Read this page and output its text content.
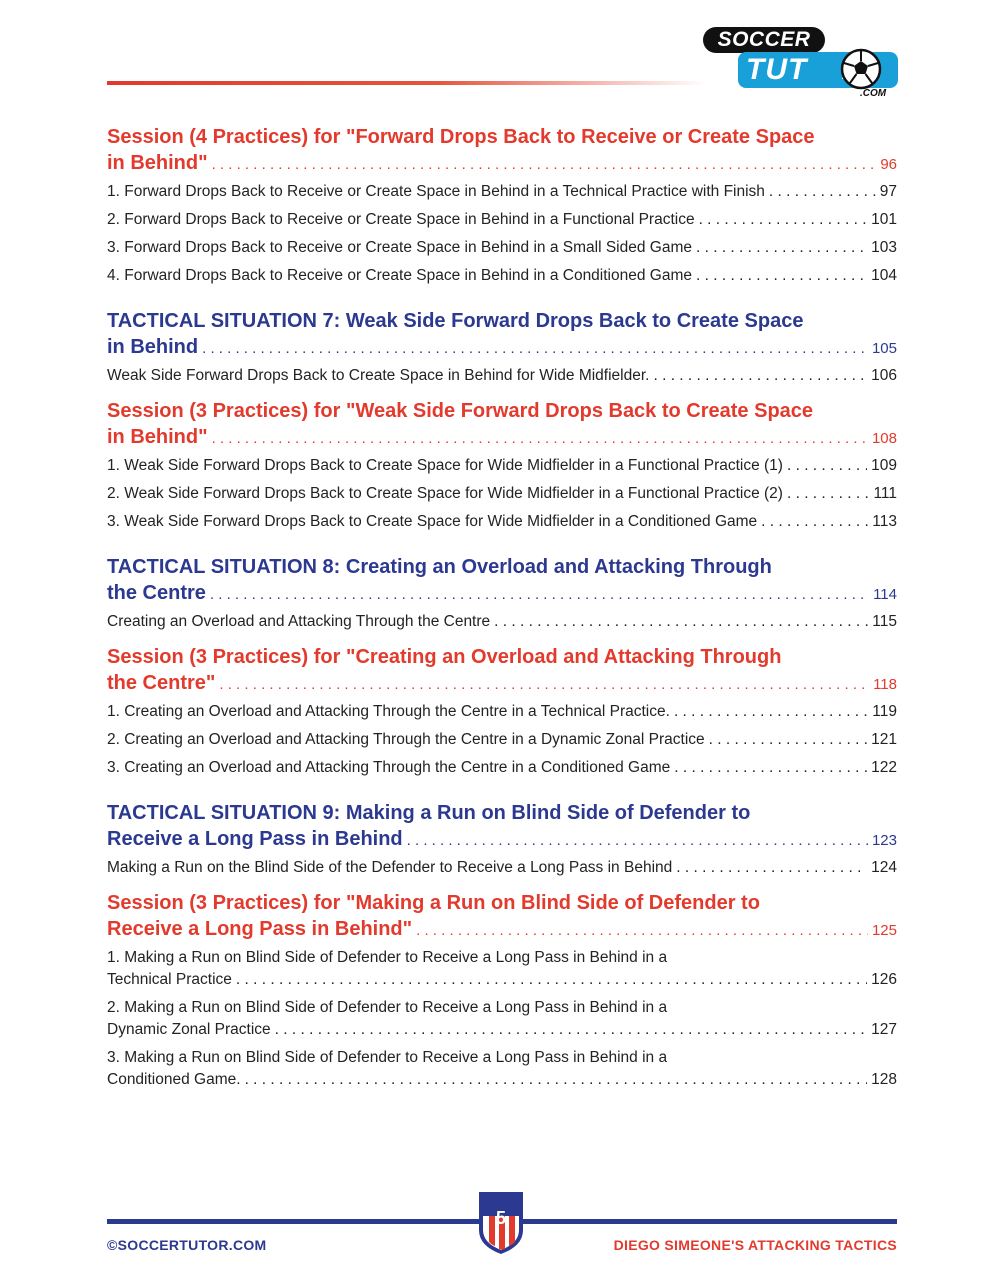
SOCCER
TUT
.COM
Session (4 Practices) for "Forward Drops Back to Receive or Create Space
in Behind" . . .	96
1. Forward Drops Back to Receive or Create Space in Behind in a Technical Practice with Finish . . .	97
2. Forward Drops Back to Receive or Create Space in Behind in a Functional Practice . . .	101
3. Forward Drops Back to Receive or Create Space in Behind in a Small Sided Game . . .	103
4. Forward Drops Back to Receive or Create Space in Behind in a Conditioned Game . . .	104
TACTICAL SITUATION 7: Weak Side Forward Drops Back to Create Space
in Behind . . .	105
Weak Side Forward Drops Back to Create Space in Behind for Wide Midfielder. . . .	106
Session (3 Practices) for "Weak Side Forward Drops Back to Create Space
in Behind" . . .	108
1. Weak Side Forward Drops Back to Create Space for Wide Midfielder in a Functional Practice (1) . . .	109
2. Weak Side Forward Drops Back to Create Space for Wide Midfielder in a Functional Practice (2) . . .	111
3. Weak Side Forward Drops Back to Create Space for Wide Midfielder in a Conditioned Game . . .	113
TACTICAL SITUATION 8: Creating an Overload and Attacking Through
the Centre . . .	114
Creating an Overload and Attacking Through the Centre . . .	115
Session (3 Practices) for "Creating an Overload and Attacking Through
the Centre" . . .	118
1. Creating an Overload and Attacking Through the Centre in a Technical Practice. . . .	119
2. Creating an Overload and Attacking Through the Centre in a Dynamic Zonal Practice . . .	121
3. Creating an Overload and Attacking Through the Centre in a Conditioned Game . . .	122
TACTICAL SITUATION 9: Making a Run on Blind Side of Defender to
Receive a Long Pass in Behind . . .	123
Making a Run on the Blind Side of the Defender to Receive a Long Pass in Behind . . .	124
Session (3 Practices) for "Making a Run on Blind Side of Defender to
Receive a Long Pass in Behind" . . .	125
1. Making a Run on Blind Side of Defender to Receive a Long Pass in Behind in a
Technical Practice . . .	126
2. Making a Run on Blind Side of Defender to Receive a Long Pass in Behind in a
Dynamic Zonal Practice . . .	127
3. Making a Run on Blind Side of Defender to Receive a Long Pass in Behind in a
Conditioned Game. . . .	128
5
©SOCCERTUTOR.COM	DIEGO SIMEONE'S ATTACKING TACTICS
